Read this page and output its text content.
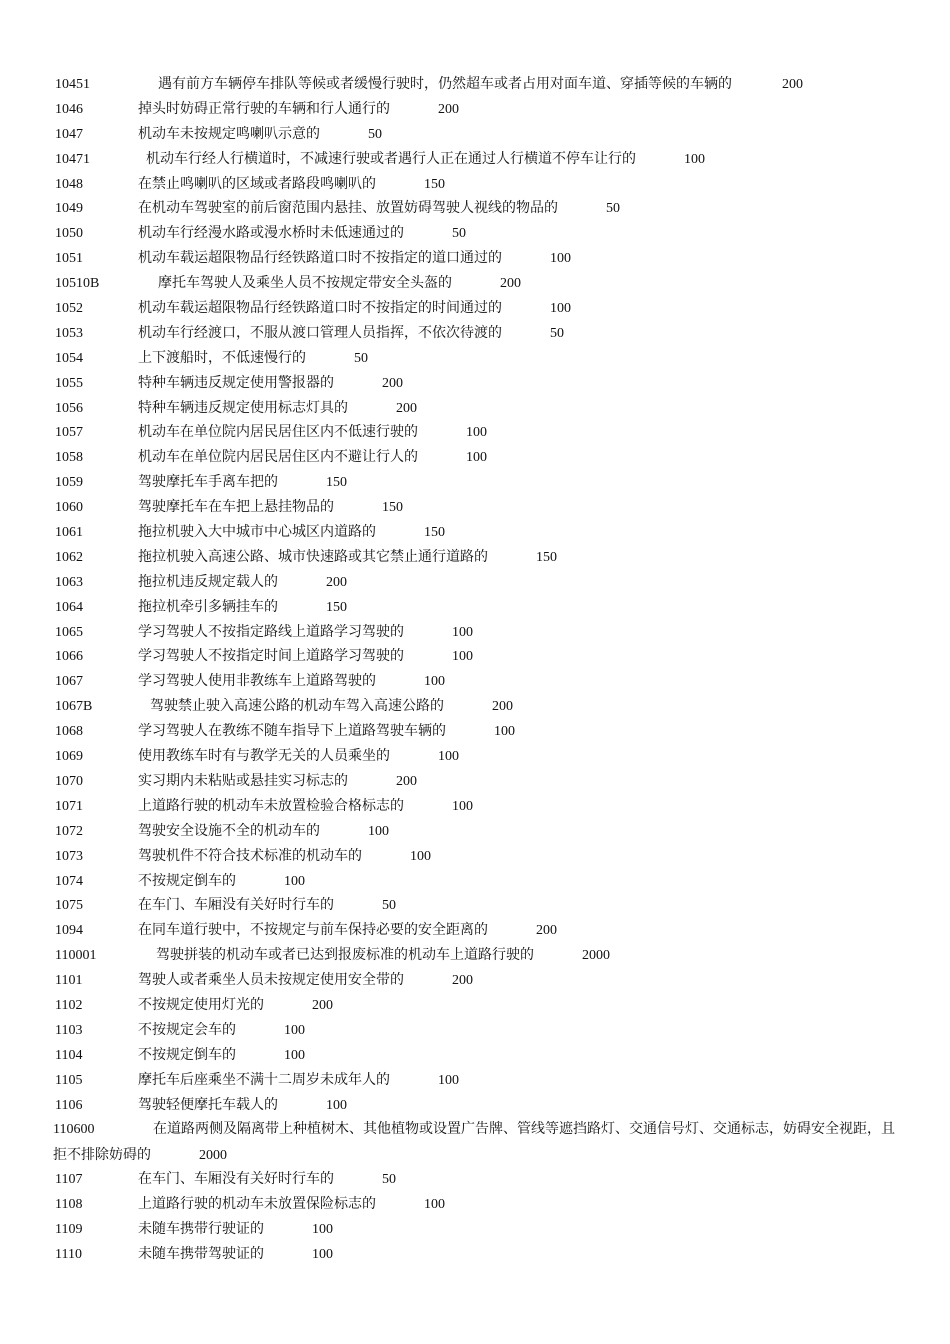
10451	遇有前方车辆停车排队等候或者缓慢行驶时，仍然超车或者占用对面车道、穿插等候的车辆的	200
1046	掉头时妨碍正常行驶的车辆和行人通行的	200
1047	机动车未按规定鸣喇叭示意的	50
10471	机动车行经人行横道时，不减速行驶或者遇行人正在通过人行横道不停车让行的	100
1048	在禁止鸣喇叭的区域或者路段鸣喇叭的	150
1049	在机动车驾驶室的前后窗范围内悬挂、放置妨碍驾驶人视线的物品的	50
1050	机动车行经漫水路或漫水桥时未低速通过的	50
1051	机动车载运超限物品行经铁路道口时不按指定的道口通过的	100
10510B	摩托车驾驶人及乘坐人员不按规定带安全头盔的	200
1052	机动车载运超限物品行经铁路道口时不按指定的时间通过的	100
1053	机动车行经渡口，不服从渡口管理人员指挥，不依次待渡的	50
1054	上下渡船时，不低速慢行的	50
1055	特种车辆违反规定使用警报器的	200
1056	特种车辆违反规定使用标志灯具的	200
1057	机动车在单位院内居民居住区内不低速行驶的	100
1058	机动车在单位院内居民居住区内不避让行人的	100
1059	驾驶摩托车手离车把的	150
1060	驾驶摩托车在车把上悬挂物品的	150
1061	拖拉机驶入大中城市中心城区内道路的	150
1062	拖拉机驶入高速公路、城市快速路或其它禁止通行道路的	150
1063	拖拉机违反规定载人的	200
1064	拖拉机牵引多辆挂车的	150
1065	学习驾驶人不按指定路线上道路学习驾驶的	100
1066	学习驾驶人不按指定时间上道路学习驾驶的	100
1067	学习驾驶人使用非教练车上道路驾驶的	100
1067B	驾驶禁止驶入高速公路的机动车驾入高速公路的	200
1068	学习驾驶人在教练不随车指导下上道路驾驶车辆的	100
1069	使用教练车时有与教学无关的人员乘坐的	100
1070	实习期内未粘贴或悬挂实习标志的	200
1071	上道路行驶的机动车未放置检验合格标志的	100
1072	驾驶安全设施不全的机动车的	100
1073	驾驶机件不符合技术标准的机动车的	100
1074	不按规定倒车的	100
1075	在车门、车厢没有关好时行车的	50
1094	在同车道行驶中，不按规定与前车保持必要的安全距离的	200
110001	驾驶拼装的机动车或者已达到报废标准的机动车上道路行驶的	2000
1101	驾驶人或者乘坐人员未按规定使用安全带的	200
1102	不按规定使用灯光的	200
1103	不按规定会车的	100
1104	不按规定倒车的	100
1105	摩托车后座乘坐不满十二周岁未成年人的	100
1106	驾驶轻便摩托车载人的	100
110600	在道路两侧及隔离带上种植树木、其他植物或设置广告牌、管线等遮挡路灯、交通信号灯、交通标志，妨碍安全视距，且拒不排除妨碍的	2000
1107	在车门、车厢没有关好时行车的	50
1108	上道路行驶的机动车未放置保险标志的	100
1109	未随车携带行驶证的	100
1110	未随车携带驾驶证的	100
